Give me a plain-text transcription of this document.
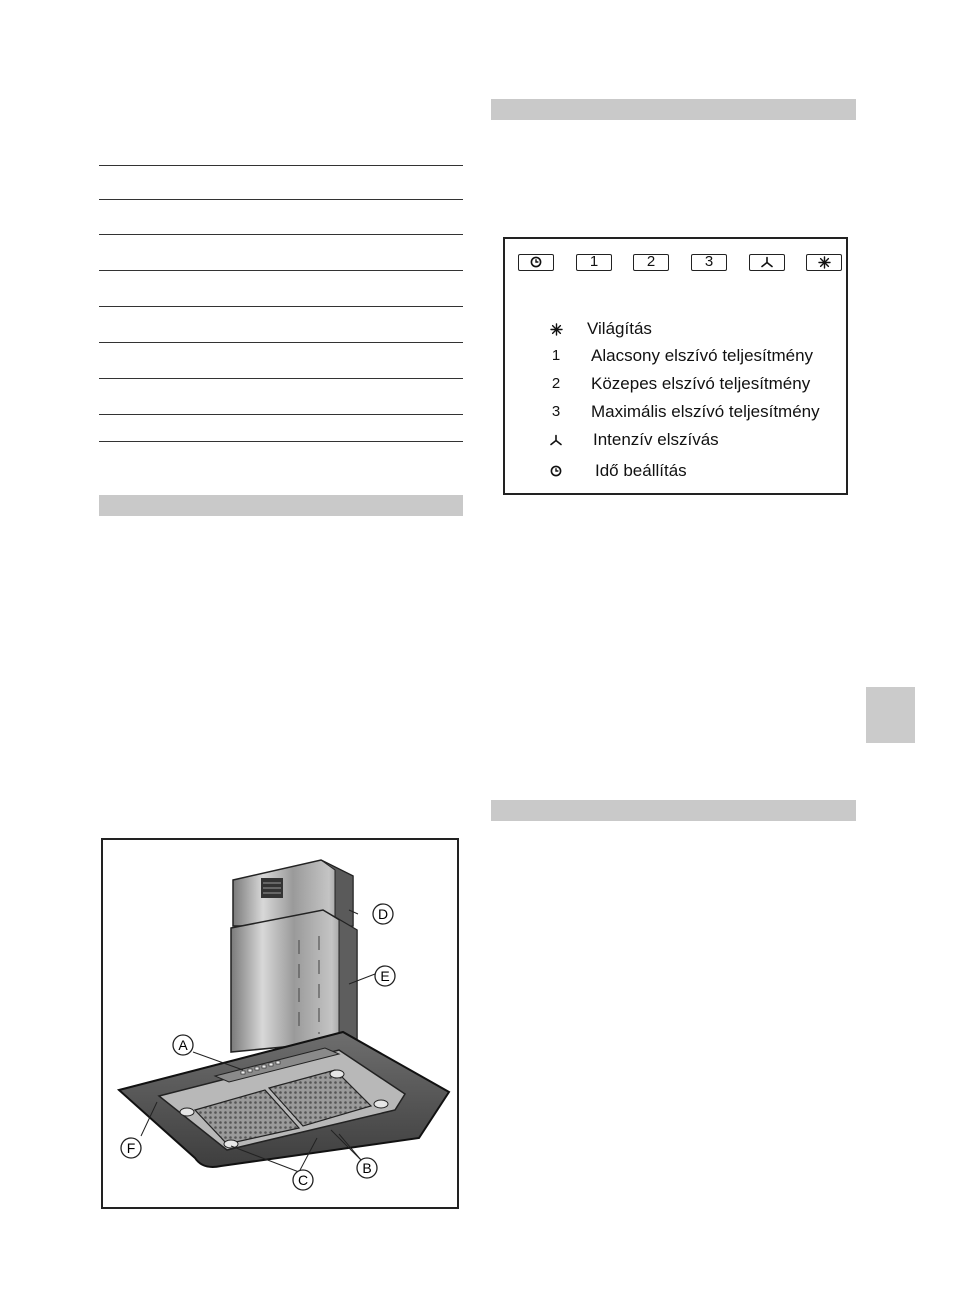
1	2	3
Világítás
1	Alacsony elszívó teljesítmény
2	Közepes elszívó teljesítmény
3	Maximális elszívó teljesítmény
Intenzív elszívás
Idő beállítás
A
B
C
D
E
F
